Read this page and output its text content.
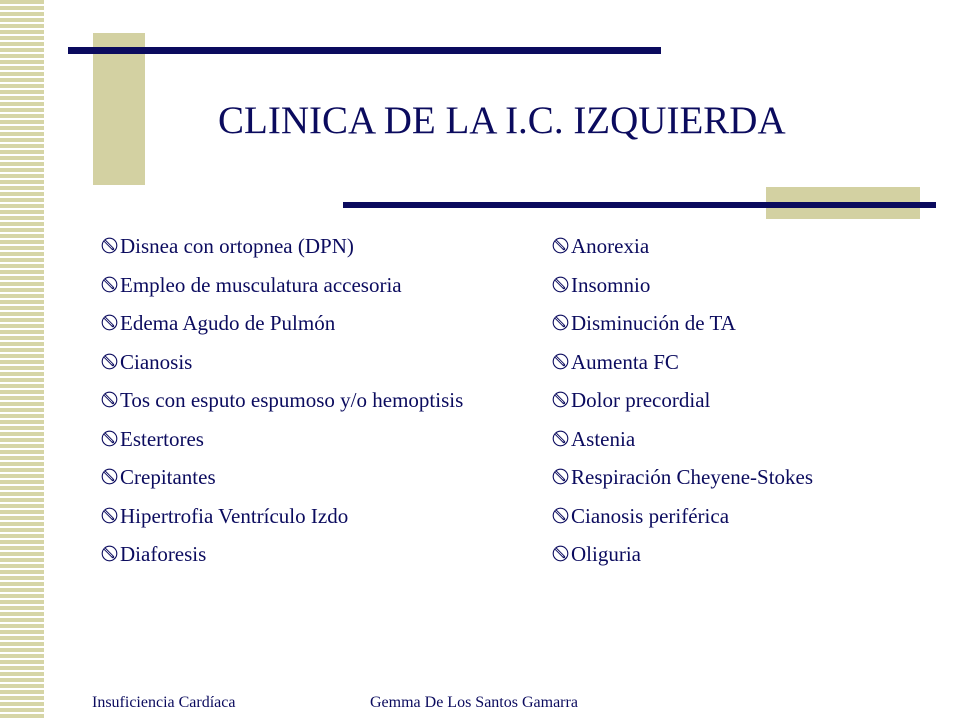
CLINICA DE LA I.C. IZQUIERDA
Disnea con ortopnea (DPN)
Empleo de musculatura accesoria
Edema Agudo de Pulmón
Cianosis
Tos con esputo espumoso y/o hemoptisis
Estertores
Crepitantes
Hipertrofia Ventrículo Izdo
Diaforesis
Anorexia
Insomnio
Disminución de TA
Aumenta FC
Dolor precordial
Astenia
Respiración Cheyene-Stokes
Cianosis periférica
Oliguria
Insuficiencia Cardíaca	Gemma De Los Santos Gamarra
